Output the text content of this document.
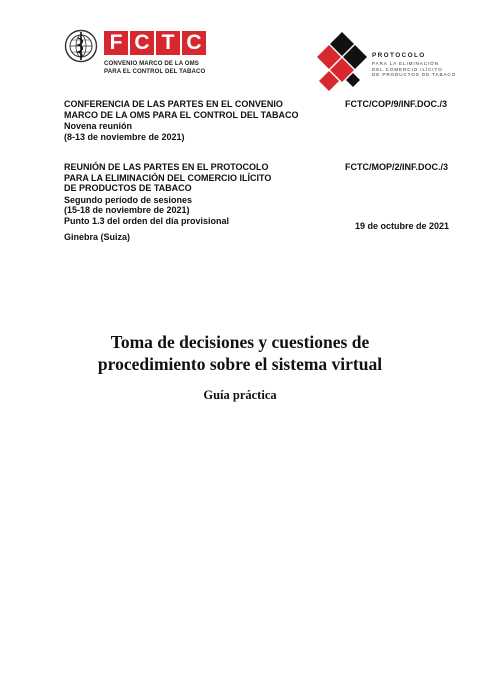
F C T C
CONVENIO MARCO DE LA OMS
PARA EL CONTROL DEL TABACO
PROTOCOLO
PARA LA ELIMINACIÓN
DEL COMERCIO ILÍCITO
DE PRODUCTOS DE TABACO
CONFERENCIA DE LAS PARTES EN EL CONVENIO
MARCO DE LA OMS PARA EL CONTROL DEL TABACO
Novena reunión
(8-13 de noviembre de 2021)
FCTC/COP/9/INF.DOC./3
REUNIÓN DE LAS PARTES EN EL PROTOCOLO
PARA LA ELIMINACIÓN DEL COMERCIO ILÍCITO
DE PRODUCTOS DE TABACO
Segundo período de sesiones
(15-18 de noviembre de 2021)
Punto 1.3 del orden del día provisional
Ginebra (Suiza)
FCTC/MOP/2/INF.DOC./3
19 de octubre de 2021
Toma de decisiones y cuestiones de
procedimiento sobre el sistema virtual
Guía práctica
